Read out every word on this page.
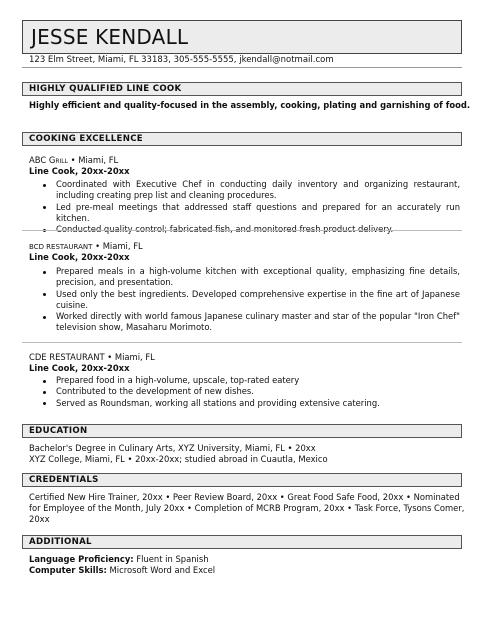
JESSE KENDALL
123 Elm Street, Miami, FL 33183, 305-555-5555, jkendall@notmail.com
HIGHLY QUALIFIED LINE COOK
Highly efficient and quality-focused in the assembly, cooking, plating and garnishing of food.
COOKING EXCELLENCE
ABC Grill • Miami, FL
Line Cook, 20xx-20xx
Coordinated with Executive Chef in conducting daily inventory and organizing restaurant, including creating prep list and cleaning procedures.
Led pre-meal meetings that addressed staff questions and prepared for an accurately run kitchen.
Conducted quality control; fabricated fish, and monitored fresh product delivery.
BCD RESTAURANT • Miami, FL
Line Cook, 20xx-20xx
Prepared meals in a high-volume kitchen with exceptional quality, emphasizing fine details, precision, and presentation.
Used only the best ingredients. Developed comprehensive expertise in the fine art of Japanese cuisine.
Worked directly with world famous Japanese culinary master and star of the popular "Iron Chef" television show, Masaharu Morimoto.
CDE RESTAURANT • Miami, FL
Line Cook, 20xx-20xx
Prepared food in a high-volume, upscale, top-rated eatery
Contributed to the development of new dishes.
Served as Roundsman, working all stations and providing extensive catering.
EDUCATION
Bachelor's Degree in Culinary Arts, XYZ University, Miami, FL • 20xx
XYZ College, Miami, FL • 20xx-20xx; studied abroad in Cuautla, Mexico
CREDENTIALS
Certified New Hire Trainer, 20xx • Peer Review Board, 20xx • Great Food Safe Food, 20xx • Nominated
for Employee of the Month, July 20xx • Completion of MCRB Program, 20xx • Task Force, Tysons Comer,
20xx
ADDITIONAL
Language Proficiency: Fluent in Spanish
Computer Skills: Microsoft Word and Excel
